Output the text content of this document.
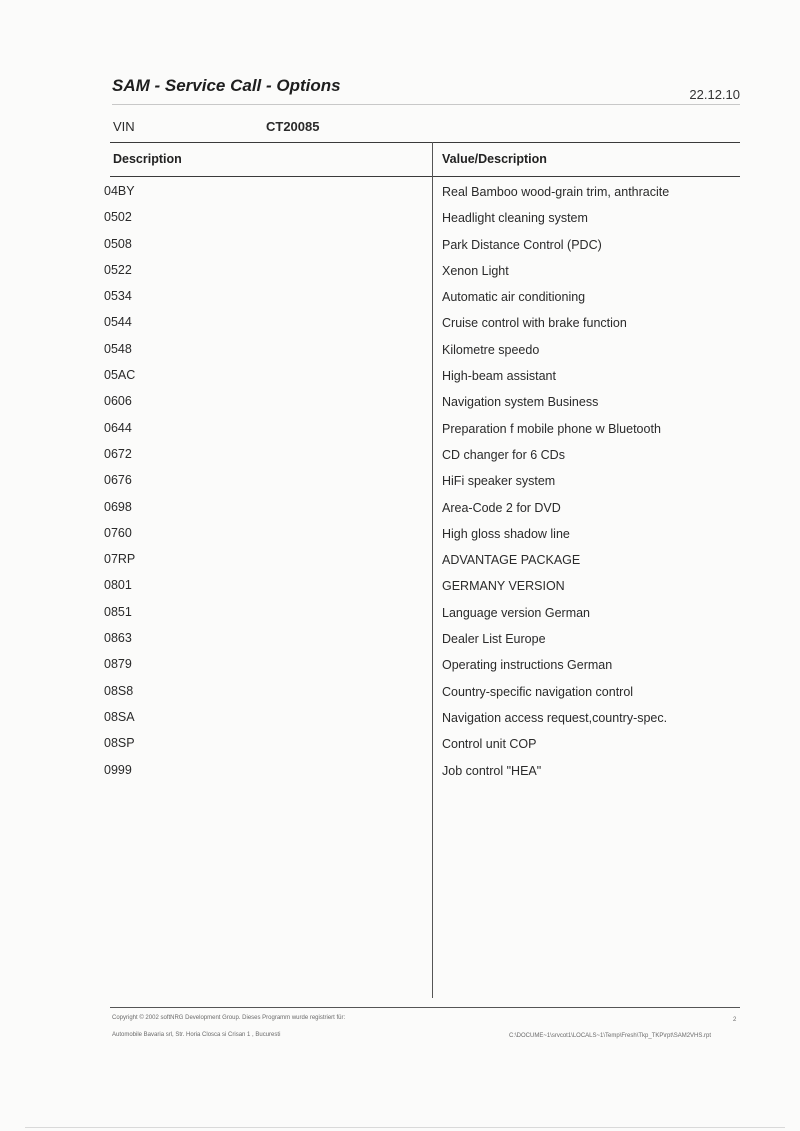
SAM - Service Call - Options	22.12.10
VIN	CT20085
Description	Value/Description
04BY	Real Bamboo wood-grain trim, anthracite
0502	Headlight cleaning system
0508	Park Distance Control (PDC)
0522	Xenon Light
0534	Automatic air conditioning
0544	Cruise control with brake function
0548	Kilometre speedo
05AC	High-beam assistant
0606	Navigation system Business
0644	Preparation f mobile phone w Bluetooth
0672	CD changer for 6 CDs
0676	HiFi speaker system
0698	Area-Code 2 for DVD
0760	High gloss shadow line
07RP	ADVANTAGE PACKAGE
0801	GERMANY VERSION
0851	Language version German
0863	Dealer List Europe
0879	Operating instructions German
08S8	Country-specific navigation control
08SA	Navigation access request,country-spec.
08SP	Control unit COP
0999	Job control "HEA"
Copyright © 2002 softNRG Development Group. Dieses Programm wurde registriert für:
Automobile Bavaria srl, Str. Horia Closca si Crisan 1 , Bucuresti
2
C:\DOCUME~1\srvcot1\LOCALS~1\Temp\Fresh\Tkp_TKP\rpt\SAM2VHS.rpt
